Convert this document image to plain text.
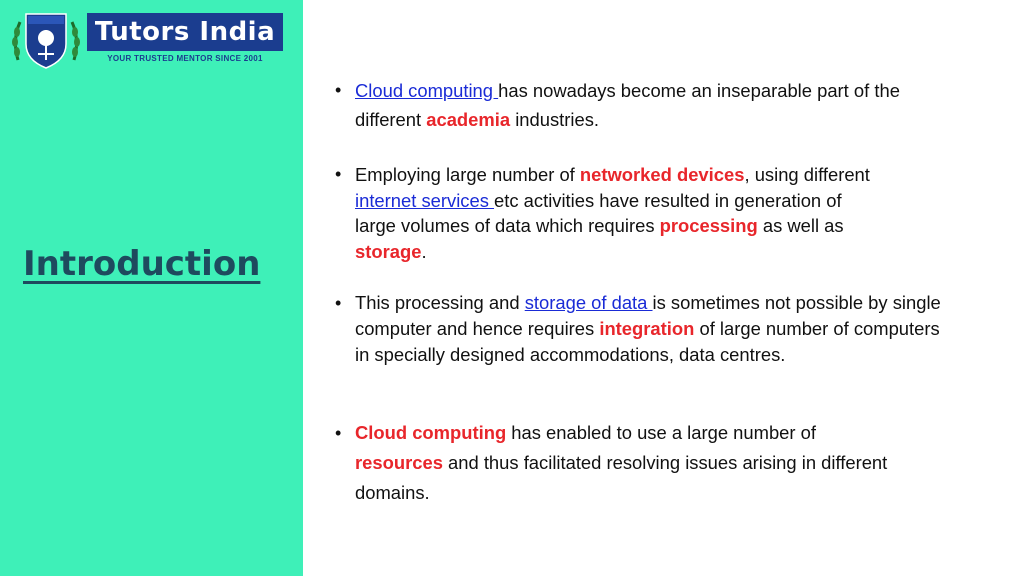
Tutors India
YOUR TRUSTED MENTOR SINCE 2001
Introduction
• Cloud computing has nowadays become an inseparable part of the different academia industries.
• Employing large number of networked devices, using different internet services etc activities have resulted in generation of large volumes of data which requires processing as well as storage.
• This processing and storage of data is sometimes not possible by single computer and hence requires integration of large number of computers in specially designed accommodations, data centres.
• Cloud computing has enabled to use a large number of resources and thus facilitated resolving issues arising in different domains.
